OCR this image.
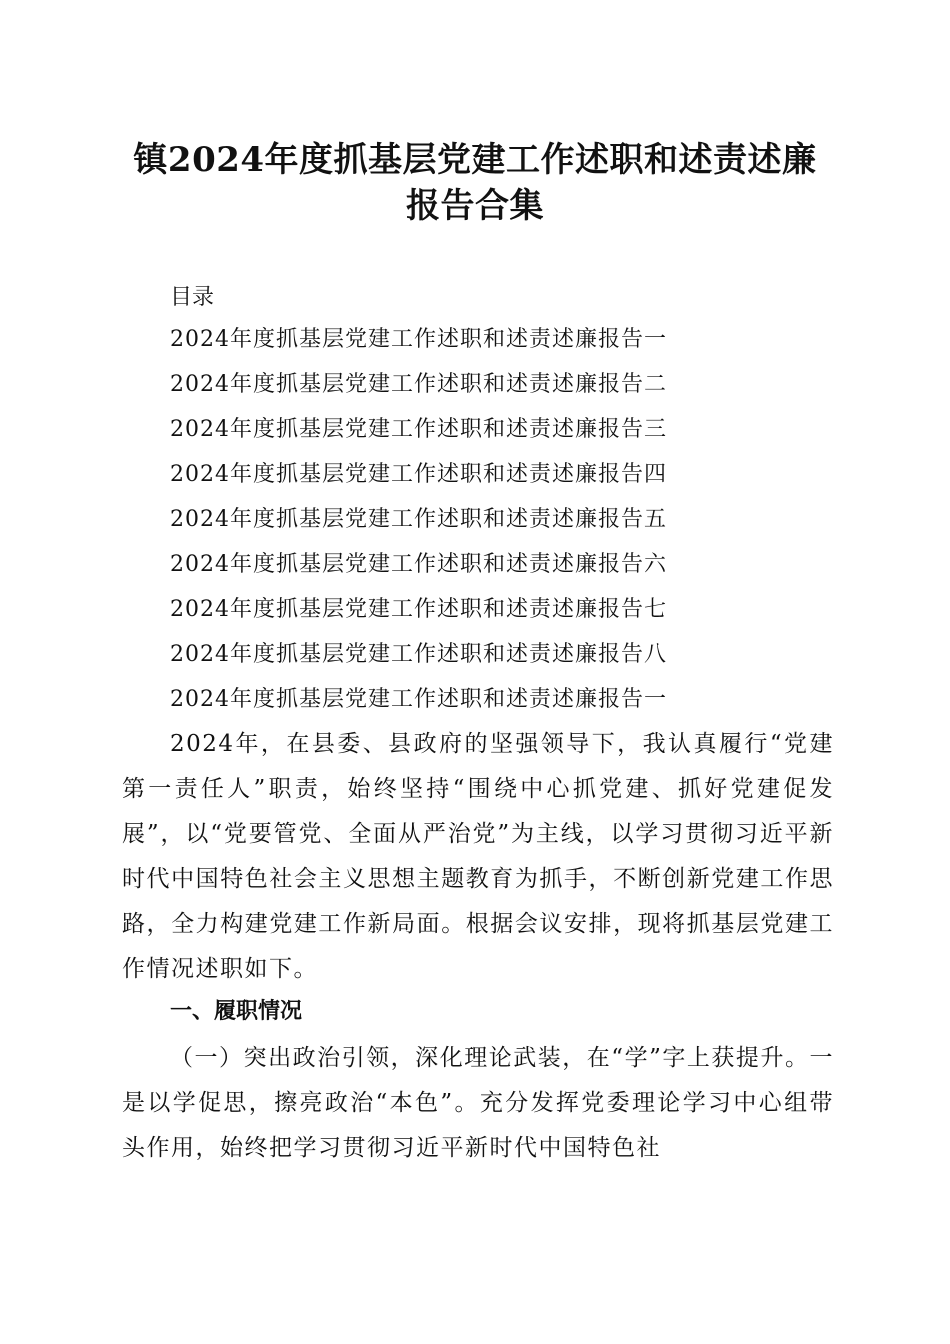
镇2024年度抓基层党建工作述职和述责述廉
报告合集
目录
2024年度抓基层党建工作述职和述责述廉报告一
2024年度抓基层党建工作述职和述责述廉报告二
2024年度抓基层党建工作述职和述责述廉报告三
2024年度抓基层党建工作述职和述责述廉报告四
2024年度抓基层党建工作述职和述责述廉报告五
2024年度抓基层党建工作述职和述责述廉报告六
2024年度抓基层党建工作述职和述责述廉报告七
2024年度抓基层党建工作述职和述责述廉报告八
2024年度抓基层党建工作述职和述责述廉报告一

2024年，在县委、县政府的坚强领导下，我认真履行“党建第一责任人”职责，始终坚持“围绕中心抓党建、抓好党建促发展”，以“党要管党、全面从严治党”为主线，以学习贯彻习近平新时代中国特色社会主义思想主题教育为抓手，不断创新党建工作思路，全力构建党建工作新局面。根据会议安排，现将抓基层党建工作情况述职如下。

一、履职情况

（一）突出政治引领，深化理论武装，在“学”字上获提升。一是以学促思，擦亮政治“本色”。充分发挥党委理论学习中心组带头作用，始终把学习贯彻习近平新时代中国特色社
